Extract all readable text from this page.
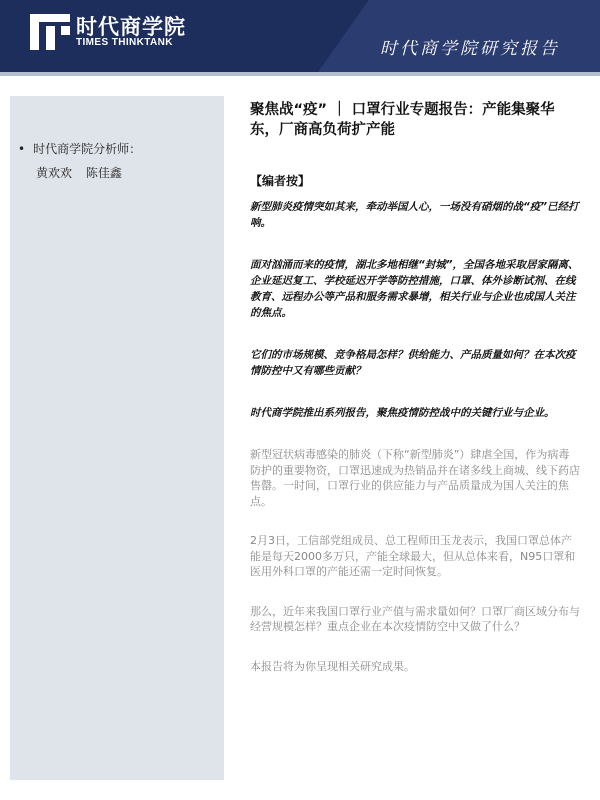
时代商学院
TIMES THINKTANK	时代商学院研究报告
• 时代商学院分析师：
黄欢欢 陈佳鑫
聚焦战“疫” ｜ 口罩行业专题报告：产能集聚华东，厂商高负荷扩产能
【编者按】

新型肺炎疫情突如其来，牵动举国人心，一场没有硝烟的战“疫”已经打响。

面对汹涌而来的疫情，湖北多地相继“封城”，全国各地采取居家隔离、企业延迟复工、学校延迟开学等防控措施，口罩、体外诊断试剂、在线教育、远程办公等产品和服务需求暴增，相关行业与企业也成国人关注的焦点。

它们的市场规模、竞争格局怎样？供给能力、产品质量如何？在本次疫情防控中又有哪些贡献？

时代商学院推出系列报告，聚焦疫情防控战中的关键行业与企业。

新型冠状病毒感染的肺炎（下称“新型肺炎”）肆虐全国，作为病毒防护的重要物资，口罩迅速成为热销品并在诸多线上商城、线下药店售罄。一时间，口罩行业的供应能力与产品质量成为国人关注的焦点。

2月3日，工信部党组成员、总工程师田玉龙表示，我国口罩总体产能是每天2000多万只，产能全球最大，但从总体来看，N95口罩和医用外科口罩的产能还需一定时间恢复。

那么，近年来我国口罩行业产值与需求量如何？口罩厂商区域分布与经营规模怎样？重点企业在本次疫情防空中又做了什么？

本报告将为你呈现相关研究成果。
